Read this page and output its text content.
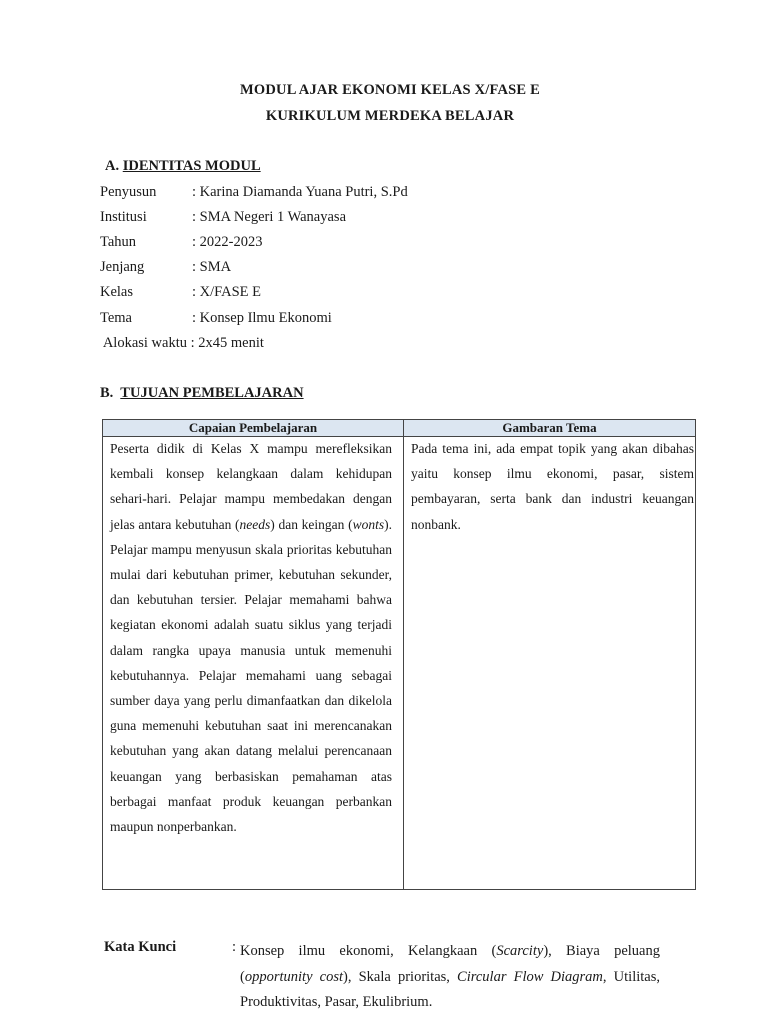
MODUL AJAR EKONOMI KELAS X/FASE E
KURIKULUM MERDEKA BELAJAR
A. IDENTITAS MODUL
Penyusun : Karina Diamanda Yuana Putri, S.Pd
Institusi	: SMA Negeri 1 Wanayasa
Tahun	: 2022-2023
Jenjang	: SMA
Kelas	: X/FASE E
Tema	: Konsep Ilmu Ekonomi
Alokasi waktu : 2x45 menit
B. TUJUAN PEMBELAJARAN
Capaian Pembelajaran	Gambaran Tema
Peserta didik di Kelas X mampu merefleksikan kembali konsep kelangkaan dalam kehidupan sehari-hari. Pelajar mampu membedakan dengan jelas antara kebutuhan (needs) dan keingan (wonts). Pelajar mampu menyusun skala prioritas kebutuhan mulai dari kebutuhan primer, kebutuhan sekunder, dan kebutuhan tersier. Pelajar memahami bahwa kegiatan ekonomi adalah suatu siklus yang terjadi dalam rangka upaya manusia untuk memenuhi kebutuhannya. Pelajar memahami uang sebagai sumber daya yang perlu dimanfaatkan dan dikelola guna memenuhi kebutuhan saat ini merencanakan kebutuhan yang akan datang melalui perencanaan keuangan yang berbasiskan pemahaman atas berbagai manfaat produk keuangan perbankan maupun nonperbankan.
Pada tema ini, ada empat topik yang akan dibahas yaitu konsep ilmu ekonomi, pasar, sistem pembayaran, serta bank dan industri keuangan nonbank.
Kata Kunci	: Konsep ilmu ekonomi, Kelangkaan (Scarcity), Biaya peluang (opportunity cost), Skala prioritas, Circular Flow Diagram, Utilitas, Produktivitas, Pasar, Ekulibrium.
